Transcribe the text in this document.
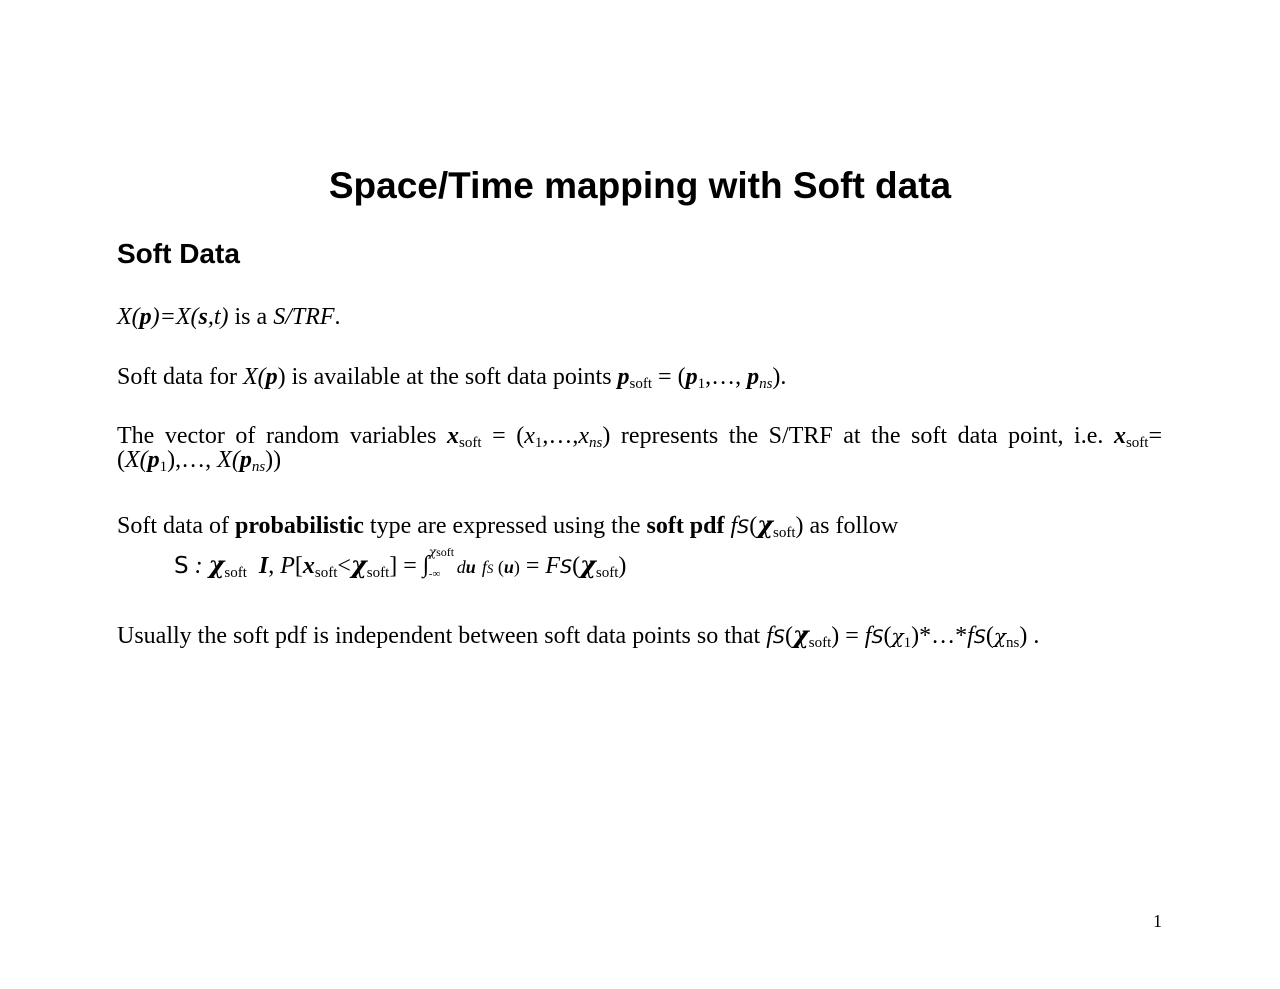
Space/Time mapping with Soft data
Soft Data

X(p)=X(s,t) is a S/TRF.

Soft data for X(p) is available at the soft data points $p_{soft}$ = ($p_1,\dots$, $p_{ns}$).

The vector of random variables $x_{soft}$ = $(x_1,\dots,x_{ns})$ represents the S/TRF at the soft data point, i.e. $x_{soft}=(X(p_1),\dots$, $X(p_{ns})$)

Soft data of probabilistic type are expressed using the soft pdf $fS(\chi_{soft})$ as follow

S : $\chi_{soft}$ I, $P[x_{soft}<\chi_{soft}]$ = ∫ χsoft
-∞ du fS $(u) = FS(\chi_{soft})$

Usually the soft pdf is independent between soft data points so that $fS(\chi_{soft})$ = $fS(\chi_1)*\dots*fS(\chi_{ns})$ .

1
